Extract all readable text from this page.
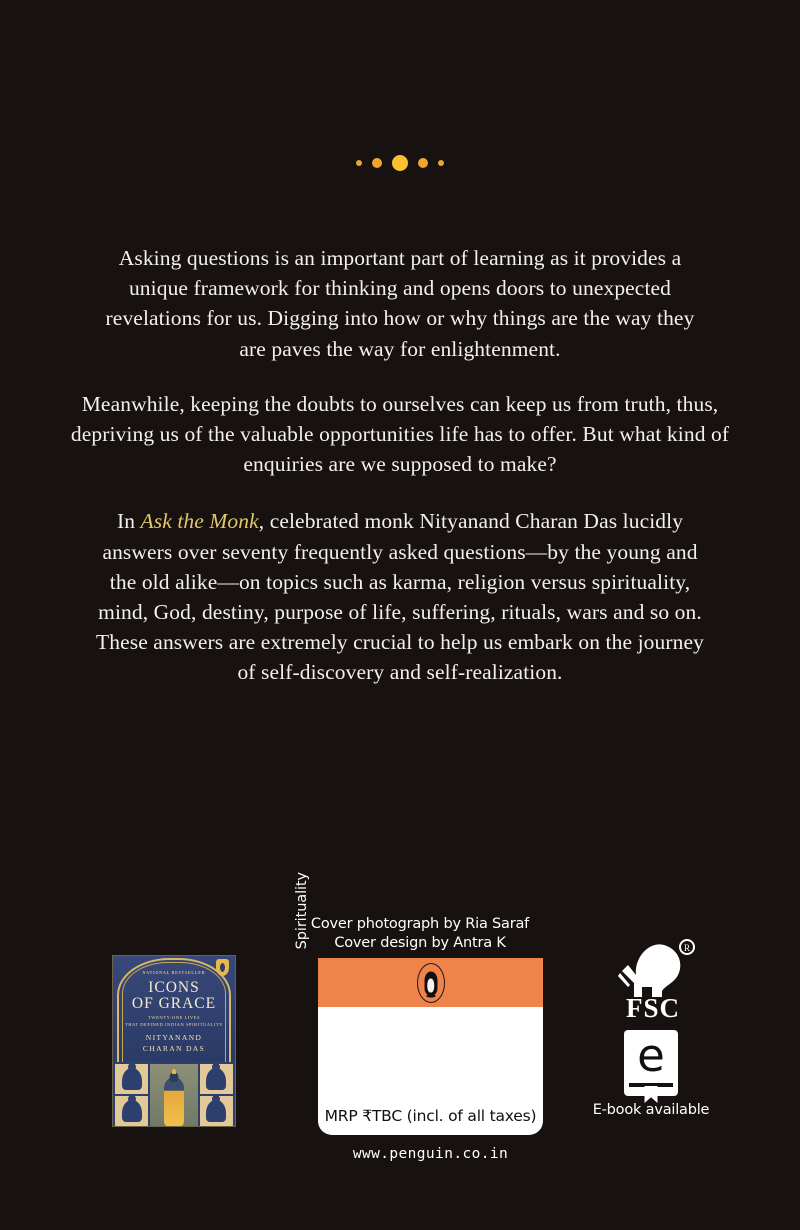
Asking questions is an important part of learning as it provides a unique framework for thinking and opens doors to unexpected revelations for us. Digging into how or why things are the way they are paves the way for enlightenment.

Meanwhile, keeping the doubts to ourselves can keep us from truth, thus, depriving us of the valuable opportunities life has to offer. But what kind of enquiries are we supposed to make?

In Ask the Monk, celebrated monk Nityanand Charan Das lucidly answers over seventy frequently asked questions—by the young and the old alike—on topics such as karma, religion versus spirituality, mind, God, destiny, purpose of life, suffering, rituals, wars and so on. These answers are extremely crucial to help us embark on the journey of self-discovery and self-realization.

Cover photograph by Ria Saraf
Cover design by Antra K
NATIONAL BESTSELLER
ICONS
OF GRACE
TWENTY-ONE LIVES
THAT DEFINED INDIAN SPIRITUALITY
NITYANAND
CHARAN DAS
Spirituality
MRP ₹TBC (incl. of all taxes)
www.penguin.co.in
R
FSC
e
E-book available
